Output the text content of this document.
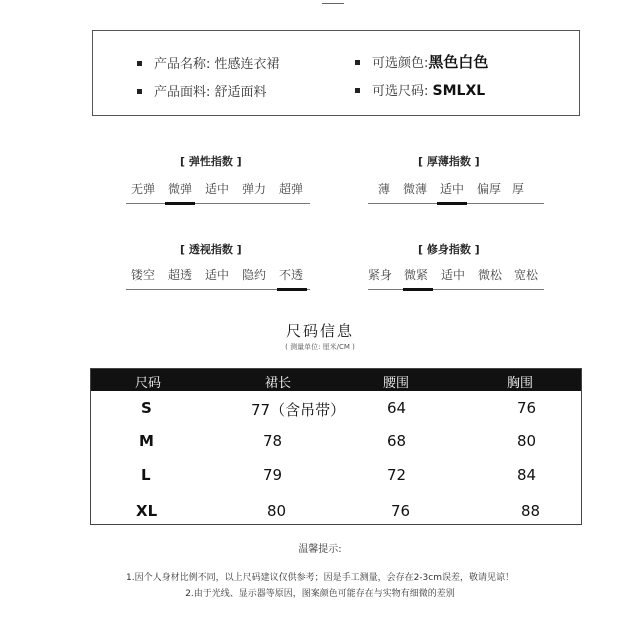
产品名称: 性感连衣裙
产品面料: 舒适面料
可选颜色:黑色白色
可选尺码: SMLXL
[ 弹性指数 ]
无弹 微弹 适中 弹力 超弹
[ 厚薄指数 ]
薄 微薄 适中 偏厚 厚
[ 透视指数 ]
镂空 超透 适中 隐约 不透
[ 修身指数 ]
紧身 微紧 适中 微松 宽松
尺码信息
( 测量单位: 厘米/CM )
尺码	裙长	腰围	胸围
S	77（含吊带）	64	76
M	78	68	80
L	79	72	84
XL	80	76	88
温馨提示:
1.因个人身材比例不同，以上尺码建议仅供参考；因是手工测量，会存在2-3cm误差，敬请见谅！
2.由于光线、显示器等原因，图案颜色可能存在与实物有细微的差别
